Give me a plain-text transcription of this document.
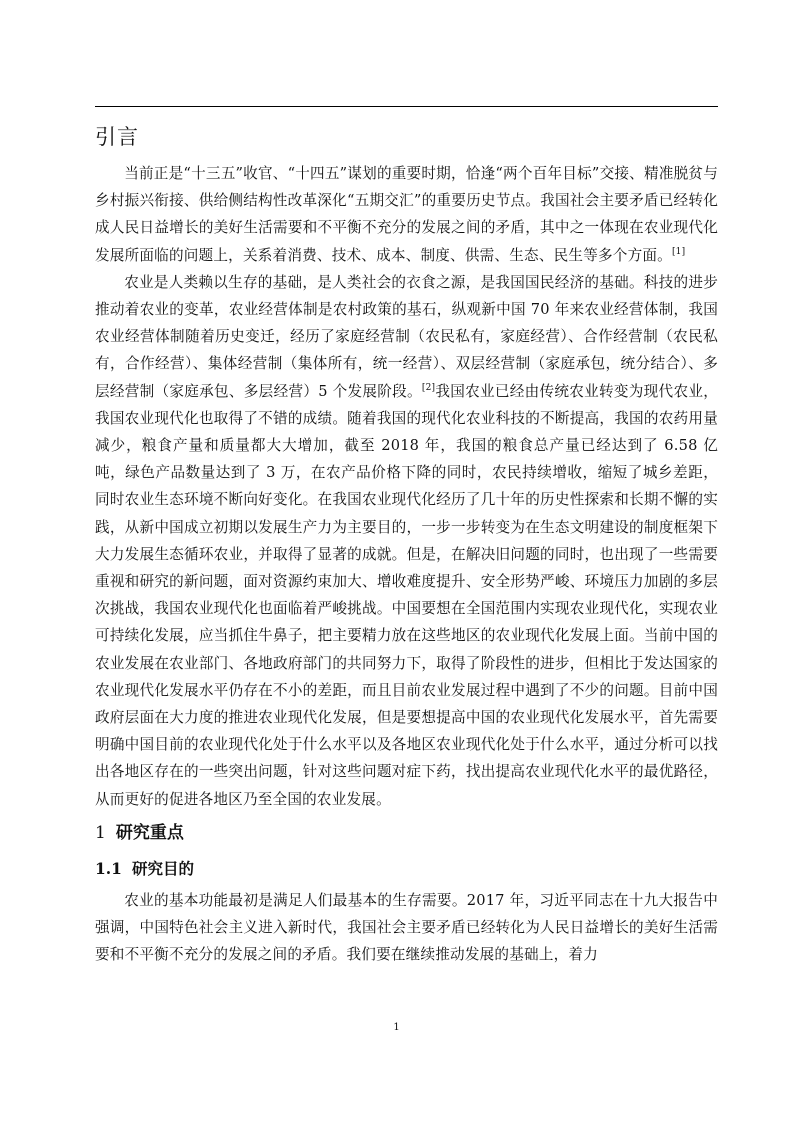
引言

当前正是“十三五”收官、“十四五”谋划的重要时期，恰逢“两个百年目标”交接、精准脱贫与乡村振兴衔接、供给侧结构性改革深化“五期交汇”的重要历史节点。我国社会主要矛盾已经转化成人民日益增长的美好生活需要和不平衡不充分的发展之间的矛盾，其中之一体现在农业现代化发展所面临的问题上，关系着消费、技术、成本、制度、供需、生态、民生等多个方面。[1]

农业是人类赖以生存的基础，是人类社会的衣食之源，是我国国民经济的基础。科技的进步推动着农业的变革，农业经营体制是农村政策的基石，纵观新中国 70 年来农业经营体制，我国农业经营体制随着历史变迁，经历了家庭经营制（农民私有，家庭经营）、合作经营制（农民私有，合作经营）、集体经营制（集体所有，统一经营）、双层经营制（家庭承包，统分结合）、多层经营制（家庭承包、多层经营）5 个发展阶段。[2]我国农业已经由传统农业转变为现代农业，我国农业现代化也取得了不错的成绩。随着我国的现代化农业科技的不断提高，我国的农药用量减少，粮食产量和质量都大大增加，截至 2018 年，我国的粮食总产量已经达到了 6.58 亿吨，绿色产品数量达到了 3 万，在农产品价格下降的同时，农民持续增收，缩短了城乡差距，同时农业生态环境不断向好变化。在我国农业现代化经历了几十年的历史性探索和长期不懈的实践，从新中国成立初期以发展生产力为主要目的，一步一步转变为在生态文明建设的制度框架下大力发展生态循环农业，并取得了显著的成就。但是，在解决旧问题的同时，也出现了一些需要重视和研究的新问题，面对资源约束加大、增收难度提升、安全形势严峻、环境压力加剧的多层次挑战，我国农业现代化也面临着严峻挑战。中国要想在全国范围内实现农业现代化，实现农业可持续化发展，应当抓住牛鼻子，把主要精力放在这些地区的农业现代化发展上面。当前中国的农业发展在农业部门、各地政府部门的共同努力下，取得了阶段性的进步，但相比于发达国家的农业现代化发展水平仍存在不小的差距，而且目前农业发展过程中遇到了不少的问题。目前中国政府层面在大力度的推进农业现代化发展，但是要想提高中国的农业现代化发展水平，首先需要明确中国目前的农业现代化处于什么水平以及各地区农业现代化处于什么水平，通过分析可以找出各地区存在的一些突出问题，针对这些问题对症下药，找出提高农业现代化水平的最优路径，从而更好的促进各地区乃至全国的农业发展。

1 研究重点
1.1 研究目的

农业的基本功能最初是满足人们最基本的生存需要。2017 年，习近平同志在十九大报告中强调，中国特色社会主义进入新时代，我国社会主要矛盾已经转化为人民日益增长的美好生活需要和不平衡不充分的发展之间的矛盾。我们要在继续推动发展的基础上，着力

1
